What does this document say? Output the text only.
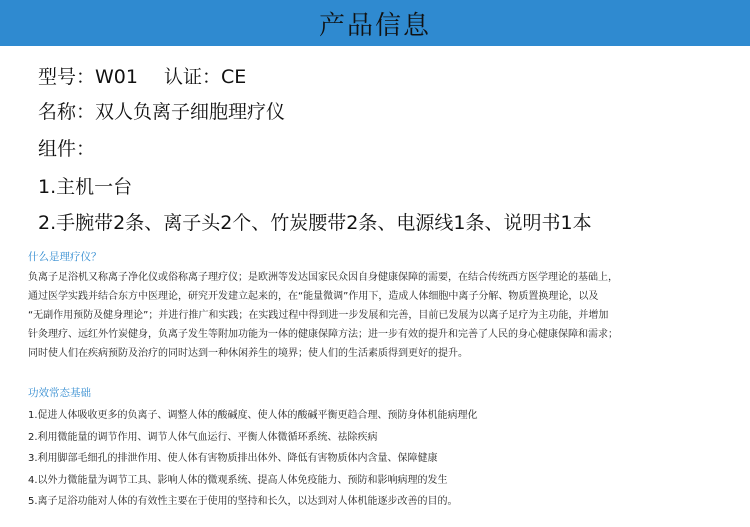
产品信息
型号：W01 认证：CE
名称：双人负离子细胞理疗仪
组件：
1.主机一台
2.手腕带2条、离子头2个、竹炭腰带2条、电源线1条、说明书1本
什么是理疗仪？
负离子足浴机又称离子净化仪或俗称离子理疗仪；是欧洲等发达国家民众因自身健康保障的需要，在结合传统西方医学理论的基础上，
通过医学实践并结合东方中医理论，研究开发建立起来的，在“能量微调”作用下，造成人体细胞中离子分解、物质置换理论，以及
“无副作用预防及健身理论”；并进行推广和实践；在实践过程中得到进一步发展和完善，目前已发展为以离子足疗为主功能，并增加
针灸理疗、远红外竹炭健身，负离子发生等附加功能为一体的健康保障方法；进一步有效的提升和完善了人民的身心健康保障和需求；
同时使人们在疾病预防及治疗的同时达到一种休闲养生的境界；使人们的生活素质得到更好的提升。
功效常态基础
1.促进人体吸收更多的负离子、调整人体的酸碱度、使人体的酸碱平衡更趋合理、预防身体机能病理化
2.利用微能量的调节作用、调节人体气血运行、平衡人体微循环系统、祛除疾病
3.利用脚部毛细孔的排泄作用、使人体有害物质排出体外、降低有害物质体内含量、保障健康
4.以外力微能量为调节工具、影响人体的微观系统、提高人体免疫能力、预防和影响病理的发生
5.离子足浴功能对人体的有效性主要在于使用的坚持和长久，以达到对人体机能逐步改善的目的。
